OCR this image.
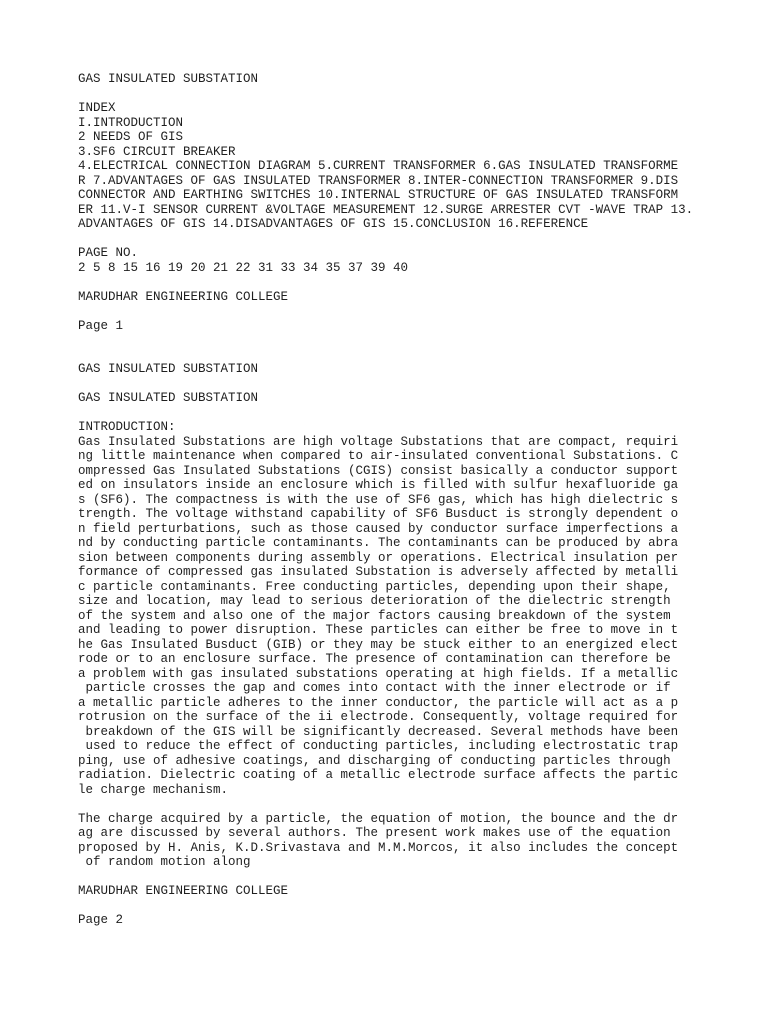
GAS INSULATED SUBSTATION
INDEX
I.INTRODUCTION
2 NEEDS OF GIS
3.SF6 CIRCUIT BREAKER
4.ELECTRICAL CONNECTION DIAGRAM 5.CURRENT TRANSFORMER 6.GAS INSULATED TRANSFORME
R 7.ADVANTAGES OF GAS INSULATED TRANSFORMER 8.INTER-CONNECTION TRANSFORMER 9.DIS
CONNECTOR AND EARTHING SWITCHES 10.INTERNAL STRUCTURE OF GAS INSULATED TRANSFORM
ER 11.V-I SENSOR CURRENT &VOLTAGE MEASUREMENT 12.SURGE ARRESTER CVT -WAVE TRAP 13.
ADVANTAGES OF GIS 14.DISADVANTAGES OF GIS 15.CONCLUSION 16.REFERENCE
PAGE NO.
2 5 8 15 16 19 20 21 22 31 33 34 35 37 39 40
MARUDHAR ENGINEERING COLLEGE
Page 1
GAS INSULATED SUBSTATION
GAS INSULATED SUBSTATION
INTRODUCTION:
Gas Insulated Substations are high voltage Substations that are compact, requiri
ng little maintenance when compared to air-insulated conventional Substations. C
ompressed Gas Insulated Substations (CGIS) consist basically a conductor support
ed on insulators inside an enclosure which is filled with sulfur hexafluoride ga
s (SF6). The compactness is with the use of SF6 gas, which has high dielectric s
trength. The voltage withstand capability of SF6 Busduct is strongly dependent o
n field perturbations, such as those caused by conductor surface imperfections a
nd by conducting particle contaminants. The contaminants can be produced by abra
sion between components during assembly or operations. Electrical insulation per
formance of compressed gas insulated Substation is adversely affected by metalli
c particle contaminants. Free conducting particles, depending upon their shape,
size and location, may lead to serious deterioration of the dielectric strength
of the system and also one of the major factors causing breakdown of the system
and leading to power disruption. These particles can either be free to move in t
he Gas Insulated Busduct (GIB) or they may be stuck either to an energized elect
rode or to an enclosure surface. The presence of contamination can therefore be
a problem with gas insulated substations operating at high fields. If a metallic
particle crosses the gap and comes into contact with the inner electrode or if
a metallic particle adheres to the inner conductor, the particle will act as a p
rotrusion on the surface of the ii electrode. Consequently, voltage required for
breakdown of the GIS will be significantly decreased. Several methods have been
used to reduce the effect of conducting particles, including electrostatic trap
ping, use of adhesive coatings, and discharging of conducting particles through
radiation. Dielectric coating of a metallic electrode surface affects the partic
le charge mechanism.
The charge acquired by a particle, the equation of motion, the bounce and the dr
ag are discussed by several authors. The present work makes use of the equation
proposed by H. Anis, K.D.Srivastava and M.M.Morcos, it also includes the concept
of random motion along
MARUDHAR ENGINEERING COLLEGE
Page 2
